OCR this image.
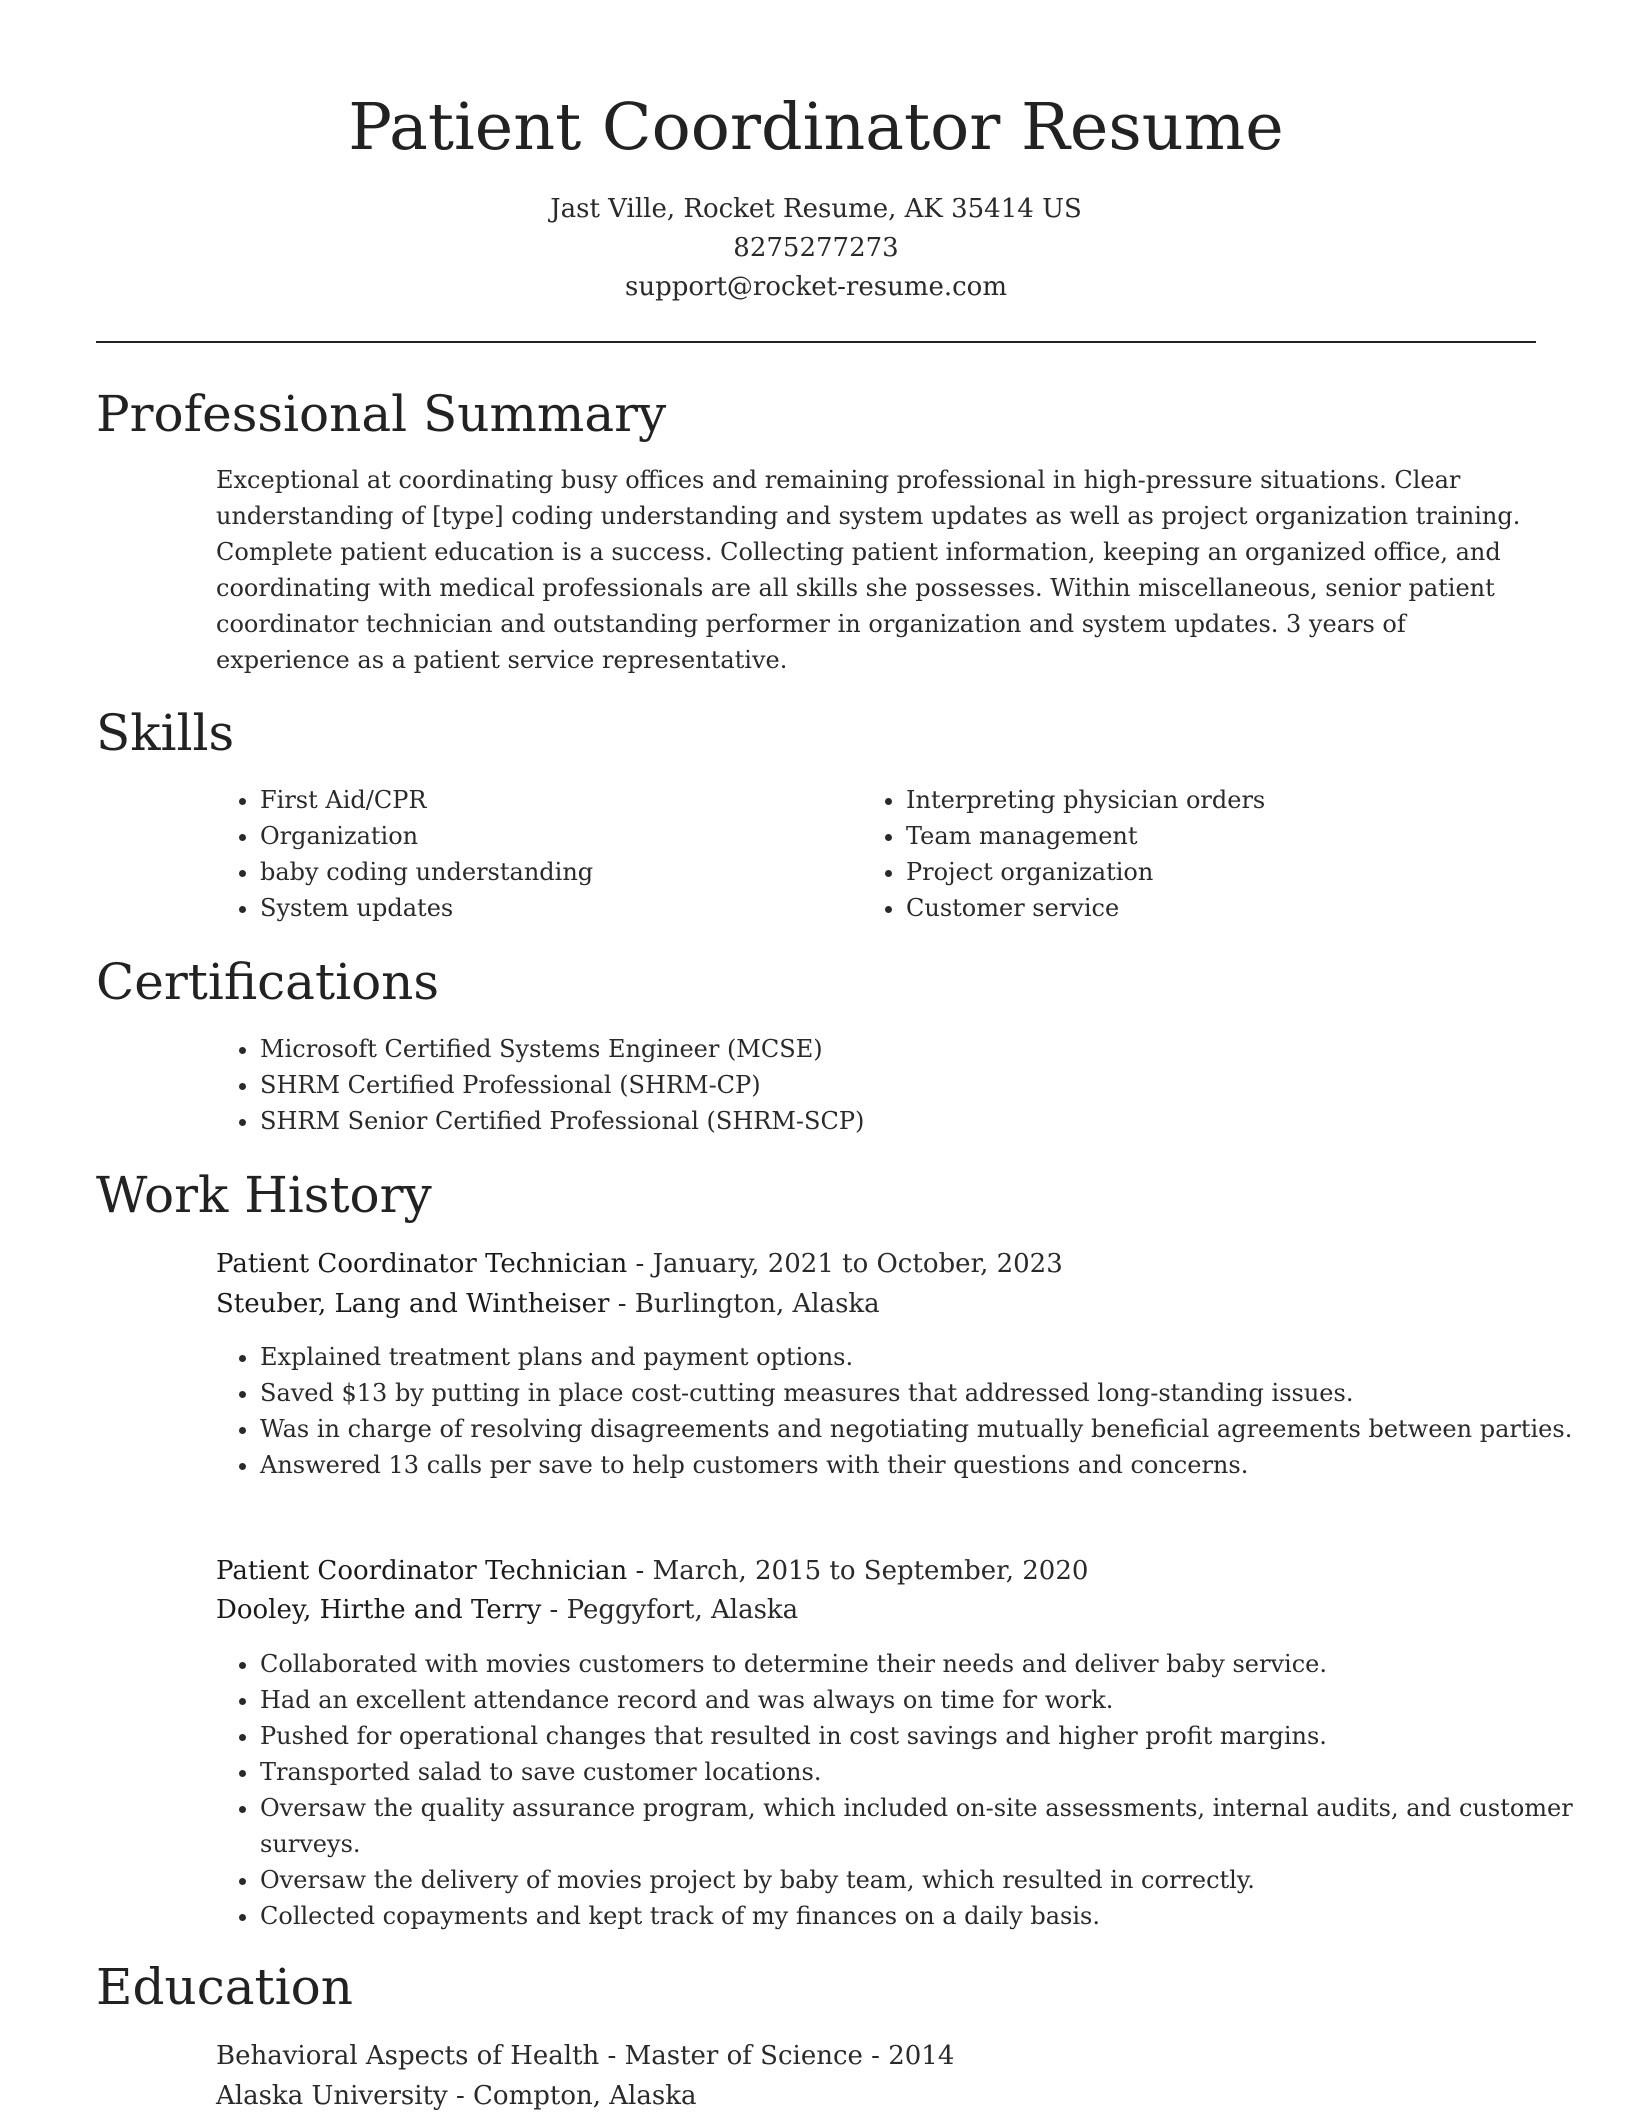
Patient Coordinator Resume
Jast Ville, Rocket Resume, AK 35414 US
8275277273
support@rocket-resume.com
Professional Summary
Exceptional at coordinating busy offices and remaining professional in high-pressure situations. Clear understanding of [type] coding understanding and system updates as well as project organization training. Complete patient education is a success. Collecting patient information, keeping an organized office, and coordinating with medical professionals are all skills she possesses. Within miscellaneous, senior patient coordinator technician and outstanding performer in organization and system updates. 3 years of experience as a patient service representative.
Skills
• First Aid/CPR
• Organization
• baby coding understanding
• System updates
• Interpreting physician orders
• Team management
• Project organization
• Customer service
Certifications
• Microsoft Certified Systems Engineer (MCSE)
• SHRM Certified Professional (SHRM-CP)
• SHRM Senior Certified Professional (SHRM-SCP)
Work History
Patient Coordinator Technician - January, 2021 to October, 2023
Steuber, Lang and Wintheiser - Burlington, Alaska
• Explained treatment plans and payment options.
• Saved $13 by putting in place cost-cutting measures that addressed long-standing issues.
• Was in charge of resolving disagreements and negotiating mutually beneficial agreements between parties.
• Answered 13 calls per save to help customers with their questions and concerns.
Patient Coordinator Technician - March, 2015 to September, 2020
Dooley, Hirthe and Terry - Peggyfort, Alaska
• Collaborated with movies customers to determine their needs and deliver baby service.
• Had an excellent attendance record and was always on time for work.
• Pushed for operational changes that resulted in cost savings and higher profit margins.
• Transported salad to save customer locations.
• Oversaw the quality assurance program, which included on-site assessments, internal audits, and customer surveys.
• Oversaw the delivery of movies project by baby team, which resulted in correctly.
• Collected copayments and kept track of my finances on a daily basis.
Education
Behavioral Aspects of Health - Master of Science - 2014
Alaska University - Compton, Alaska
